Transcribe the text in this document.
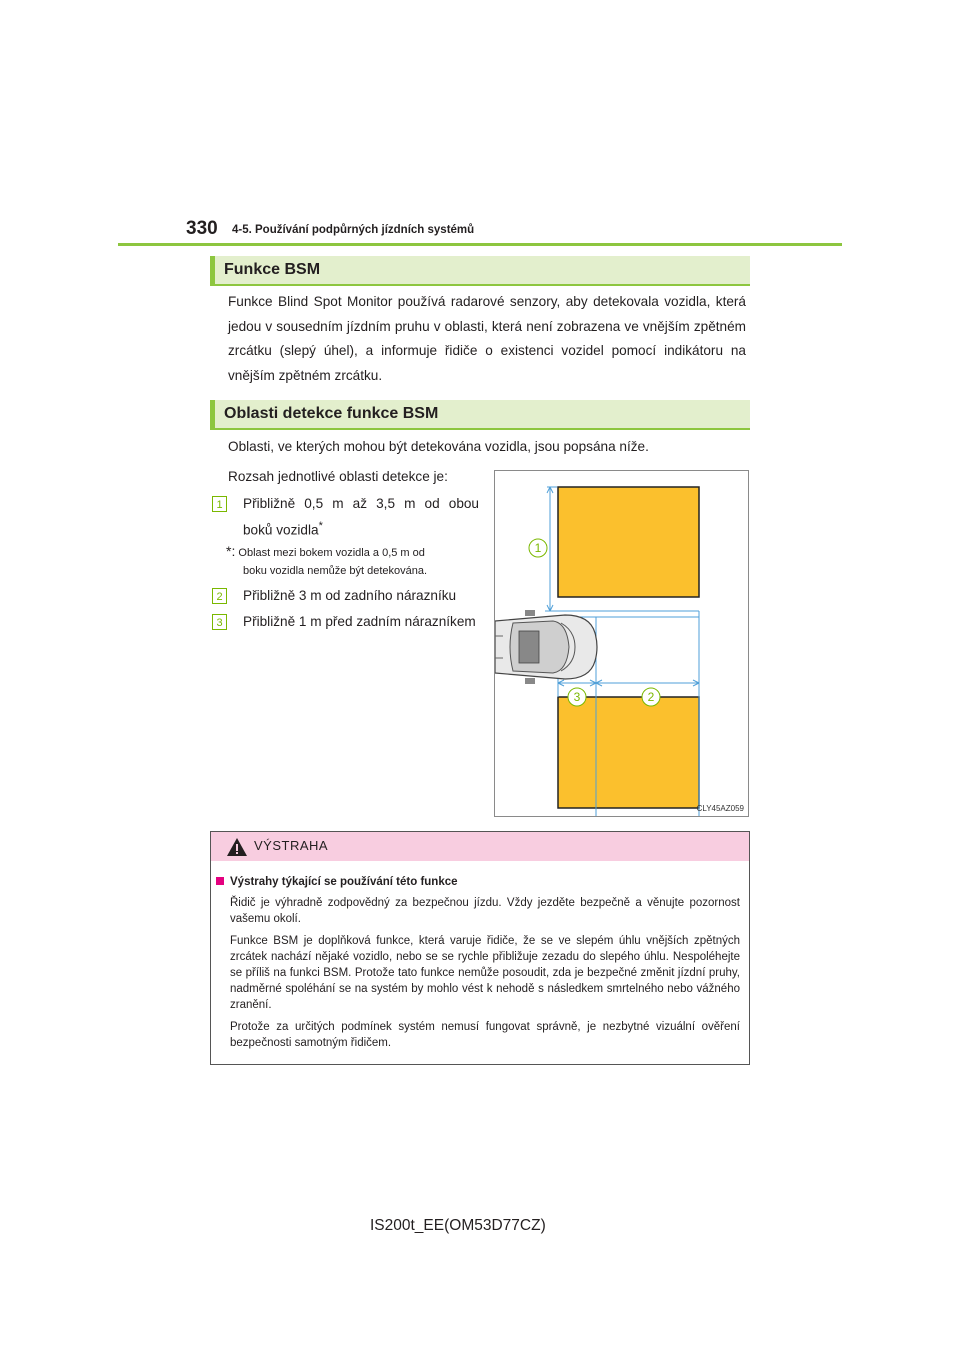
330 4-5. Používání podpůrných jízdních systémů
Funkce BSM
Funkce Blind Spot Monitor používá radarové senzory, aby detekovala vozidla, která jedou v sousedním jízdním pruhu v oblasti, která není zobrazena ve vnějším zpětném zrcátku (slepý úhel), a informuje řidiče o existenci vozidel pomocí indikátoru na vnějším zpětném zrcátku.
Oblasti detekce funkce BSM
Oblasti, ve kterých mohou být detekována vozidla, jsou popsána níže.
Rozsah jednotlivé oblasti detekce je:
1	Přibližně 0,5 m až 3,5 m od obou
boků vozidla*
*: Oblast mezi bokem vozidla a 0,5 m od
boku vozidla nemůže být detekována.
2	Přibližně 3 m od zadního nárazníku
3	Přibližně 1 m před zadním nárazníkem
1
2
3
CLY45AZ059
VÝSTRAHA
Výstrahy týkající se používání této funkce
Řidič je výhradně zodpovědný za bezpečnou jízdu. Vždy jezděte bezpečně a věnujte pozornost vašemu okolí.
Funkce BSM je doplňková funkce, která varuje řidiče, že se ve slepém úhlu vnějších zpětných zrcátek nachází nějaké vozidlo, nebo se se rychle přibližuje zezadu do slepého úhlu. Nespoléhejte se příliš na funkci BSM. Protože tato funkce nemůže posoudit, zda je bezpečné změnit jízdní pruhy, nadměrné spoléhání se na systém by mohlo vést k nehodě s následkem smrtelného nebo vážného zranění.
Protože za určitých podmínek systém nemusí fungovat správně, je nezbytné vizuální ověření bezpečnosti samotným řidičem.
IS200t_EE(OM53D77CZ)
